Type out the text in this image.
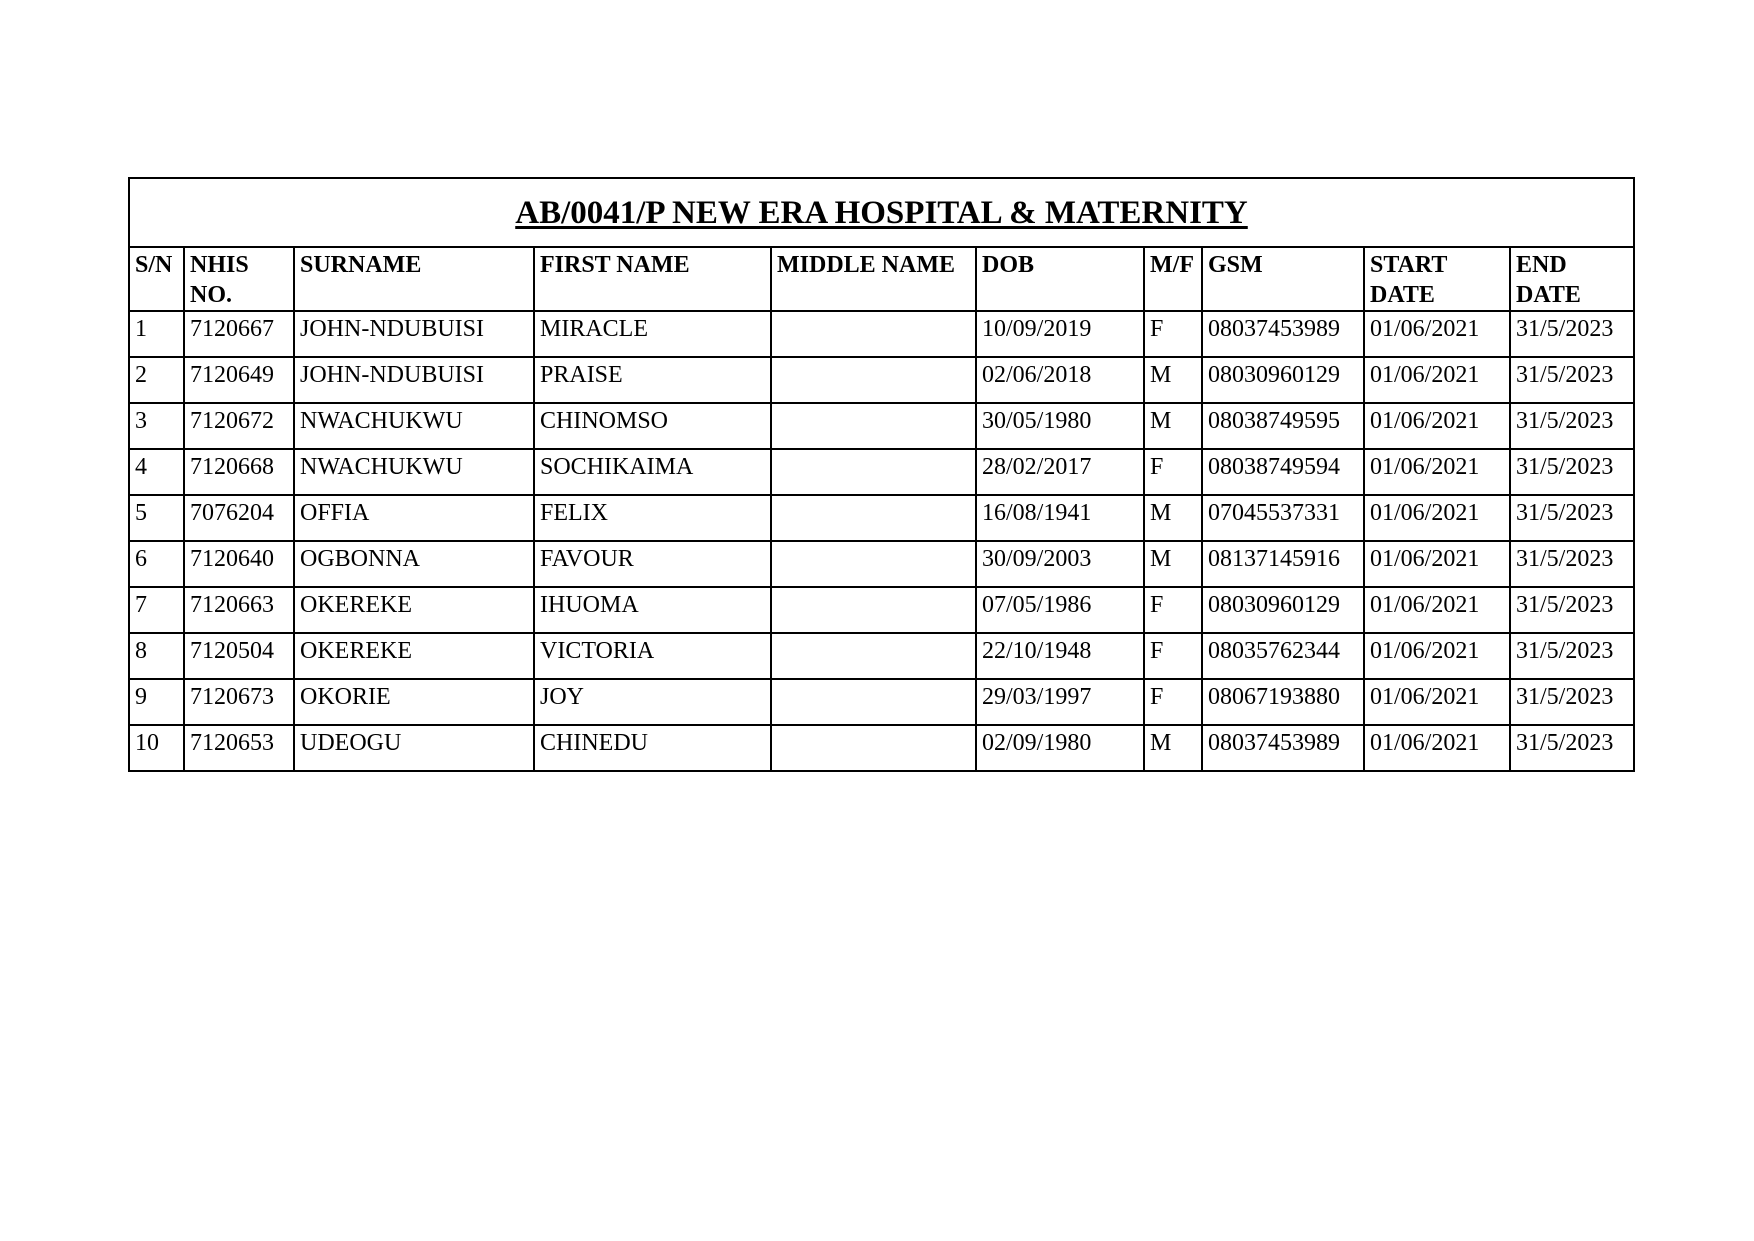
AB/0041/P NEW ERA HOSPITAL & MATERNITY									
S/N	NHIS NO.	SURNAME	FIRST NAME	MIDDLE NAME	DOB	M/F	GSM	START DATE	END DATE
1	7120667	JOHN-NDUBUISI	MIRACLE		10/09/2019	F	08037453989	01/06/2021	31/5/2023
2	7120649	JOHN-NDUBUISI	PRAISE		02/06/2018	M	08030960129	01/06/2021	31/5/2023
3	7120672	NWACHUKWU	CHINOMSO		30/05/1980	M	08038749595	01/06/2021	31/5/2023
4	7120668	NWACHUKWU	SOCHIKAIMA		28/02/2017	F	08038749594	01/06/2021	31/5/2023
5	7076204	OFFIA	FELIX		16/08/1941	M	07045537331	01/06/2021	31/5/2023
6	7120640	OGBONNA	FAVOUR		30/09/2003	M	08137145916	01/06/2021	31/5/2023
7	7120663	OKEREKE	IHUOMA		07/05/1986	F	08030960129	01/06/2021	31/5/2023
8	7120504	OKEREKE	VICTORIA		22/10/1948	F	08035762344	01/06/2021	31/5/2023
9	7120673	OKORIE	JOY		29/03/1997	F	08067193880	01/06/2021	31/5/2023
10	7120653	UDEOGU	CHINEDU		02/09/1980	M	08037453989	01/06/2021	31/5/2023
